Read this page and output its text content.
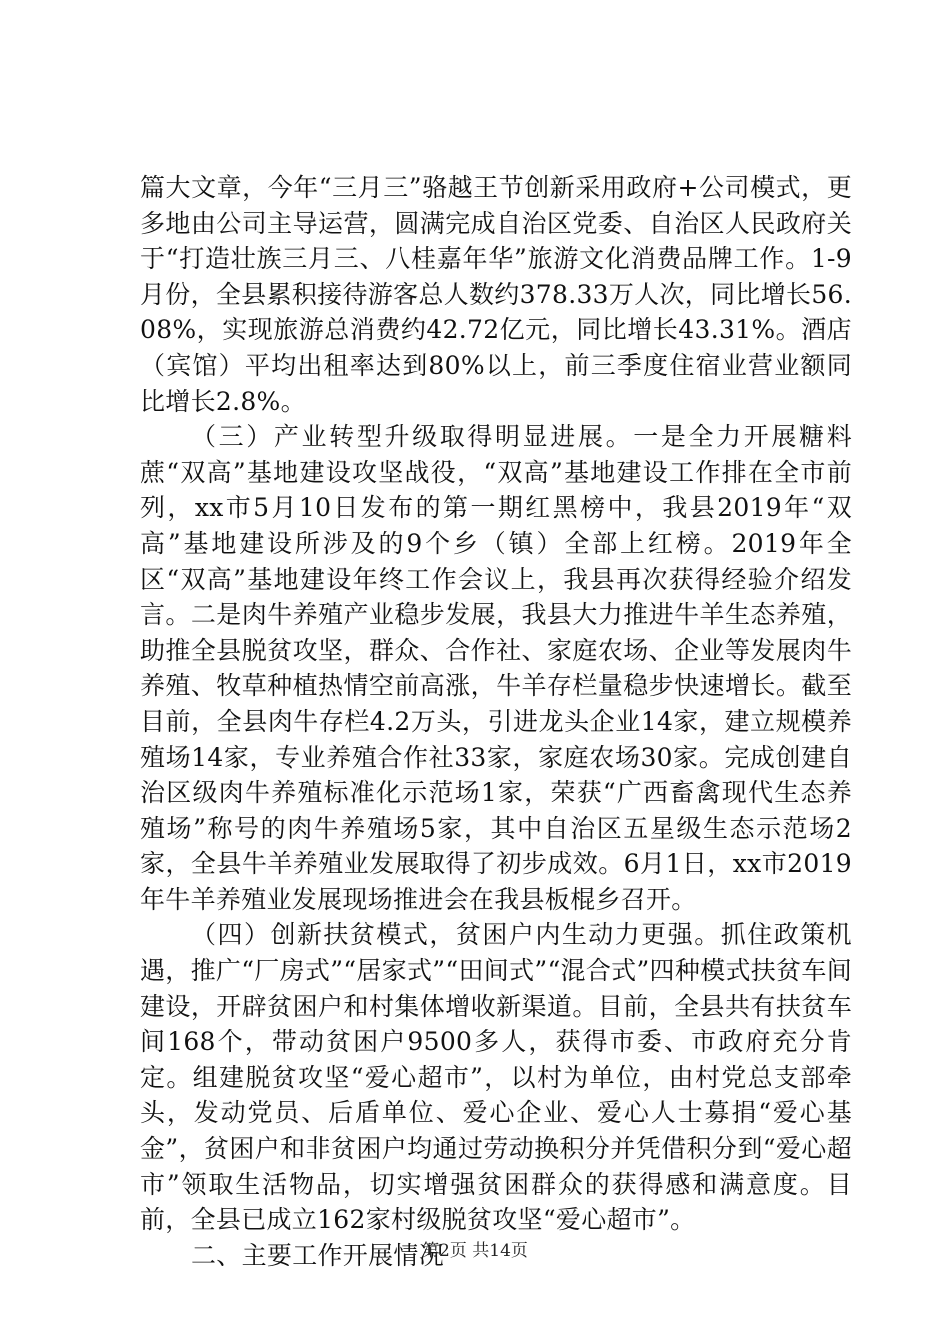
篇大文章，今年“三月三”骆越王节创新采用政府+公司模式，更多地由公司主导运营，圆满完成自治区党委、自治区人民政府关于“打造壮族三月三、八桂嘉年华”旅游文化消费品牌工作。1-9月份，全县累积接待游客总人数约378.33万人次，同比增长56.08%，实现旅游总消费约42.72亿元，同比增长43.31%。酒店（宾馆）平均出租率达到80%以上，前三季度住宿业营业额同比增长2.8%。

（三）产业转型升级取得明显进展。一是全力开展糖料蔗“双高”基地建设攻坚战役，“双高”基地建设工作排在全市前列，xx市5月10日发布的第一期红黑榜中，我县2019年“双高”基地建设所涉及的9个乡（镇）全部上红榜。2019年全区“双高”基地建设年终工作会议上，我县再次获得经验介绍发言。二是肉牛养殖产业稳步发展，我县大力推进牛羊生态养殖，助推全县脱贫攻坚，群众、合作社、家庭农场、企业等发展肉牛养殖、牧草种植热情空前高涨，牛羊存栏量稳步快速增长。截至目前，全县肉牛存栏4.2万头，引进龙头企业14家，建立规模养殖场14家，专业养殖合作社33家，家庭农场30家。完成创建自治区级肉牛养殖标准化示范场1家，荣获“广西畜禽现代生态养殖场”称号的肉牛养殖场5家，其中自治区五星级生态示范场2家，全县牛羊养殖业发展取得了初步成效。6月1日，xx市2019年牛羊养殖业发展现场推进会在我县板棍乡召开。

（四）创新扶贫模式，贫困户内生动力更强。抓住政策机遇，推广“厂房式”“居家式”“田间式”“混合式”四种模式扶贫车间建设，开辟贫困户和村集体增收新渠道。目前，全县共有扶贫车间168个，带动贫困户9500多人，获得市委、市政府充分肯定。组建脱贫攻坚“爱心超市”，以村为单位，由村党总支部牵头，发动党员、后盾单位、爱心企业、爱心人士募捐“爱心基金”，贫困户和非贫困户均通过劳动换积分并凭借积分到“爱心超市”领取生活物品，切实增强贫困群众的获得感和满意度。目前，全县已成立162家村级脱贫攻坚“爱心超市”。

二、主要工作开展情况

第2页 共14页
